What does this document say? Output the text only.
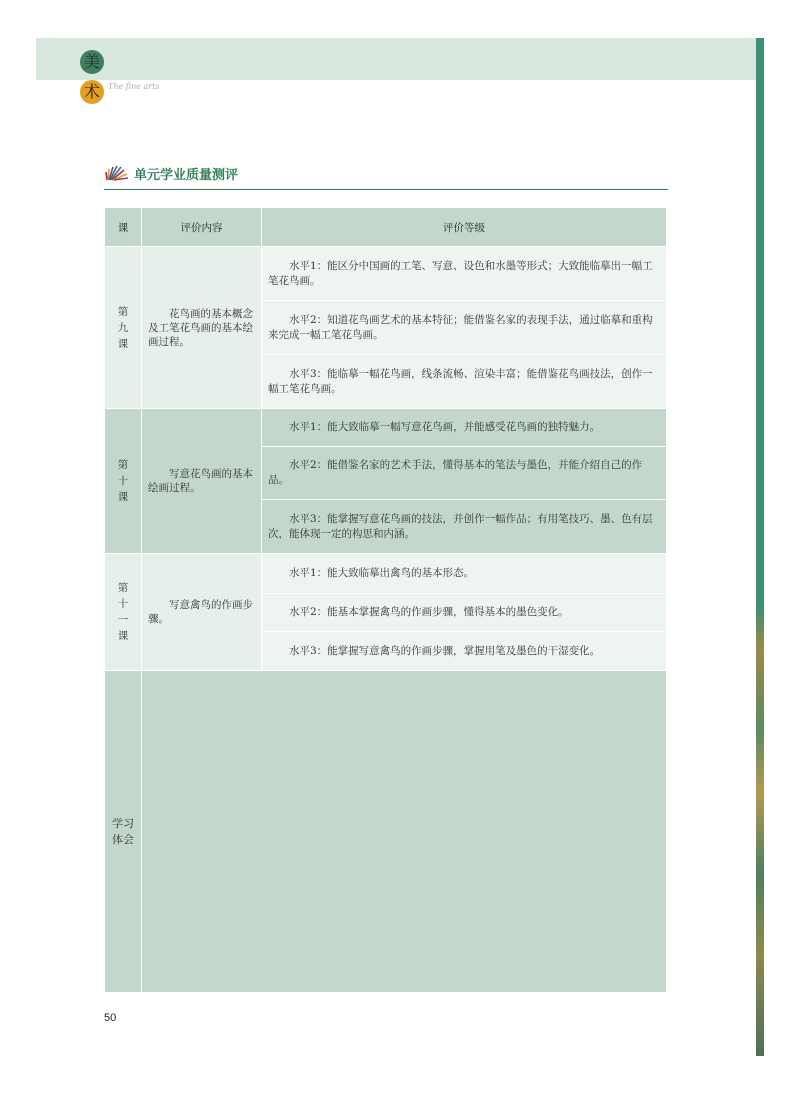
美
术	The fine arts
单元学业质量测评
课	评价内容	评价等级

第
九
课	花鸟画的基本概念及工笔花鸟画的基本绘画过程。	水平1：能区分中国画的工笔、写意、设色和水墨等形式；大致能临摹出一幅工笔花鸟画。
		水平2：知道花鸟画艺术的基本特征；能借鉴名家的表现手法，通过临摹和重构来完成一幅工笔花鸟画。
		水平3：能临摹一幅花鸟画，线条流畅、渲染丰富；能借鉴花鸟画技法，创作一幅工笔花鸟画。

第
十
课	写意花鸟画的基本绘画过程。	水平1：能大致临摹一幅写意花鸟画，并能感受花鸟画的独特魅力。
		水平2：能借鉴名家的艺术手法，懂得基本的笔法与墨色，并能介绍自己的作品。
		水平3：能掌握写意花鸟画的技法，并创作一幅作品；有用笔技巧、墨、色有层次，能体现一定的构思和内涵。

第
十
一
课	写意禽鸟的作画步骤。	水平1：能大致临摹出禽鸟的基本形态。
		水平2：能基本掌握禽鸟的作画步骤，懂得基本的墨色变化。
		水平3：能掌握写意禽鸟的作画步骤，掌握用笔及墨色的干湿变化。

学习
体会		

50
